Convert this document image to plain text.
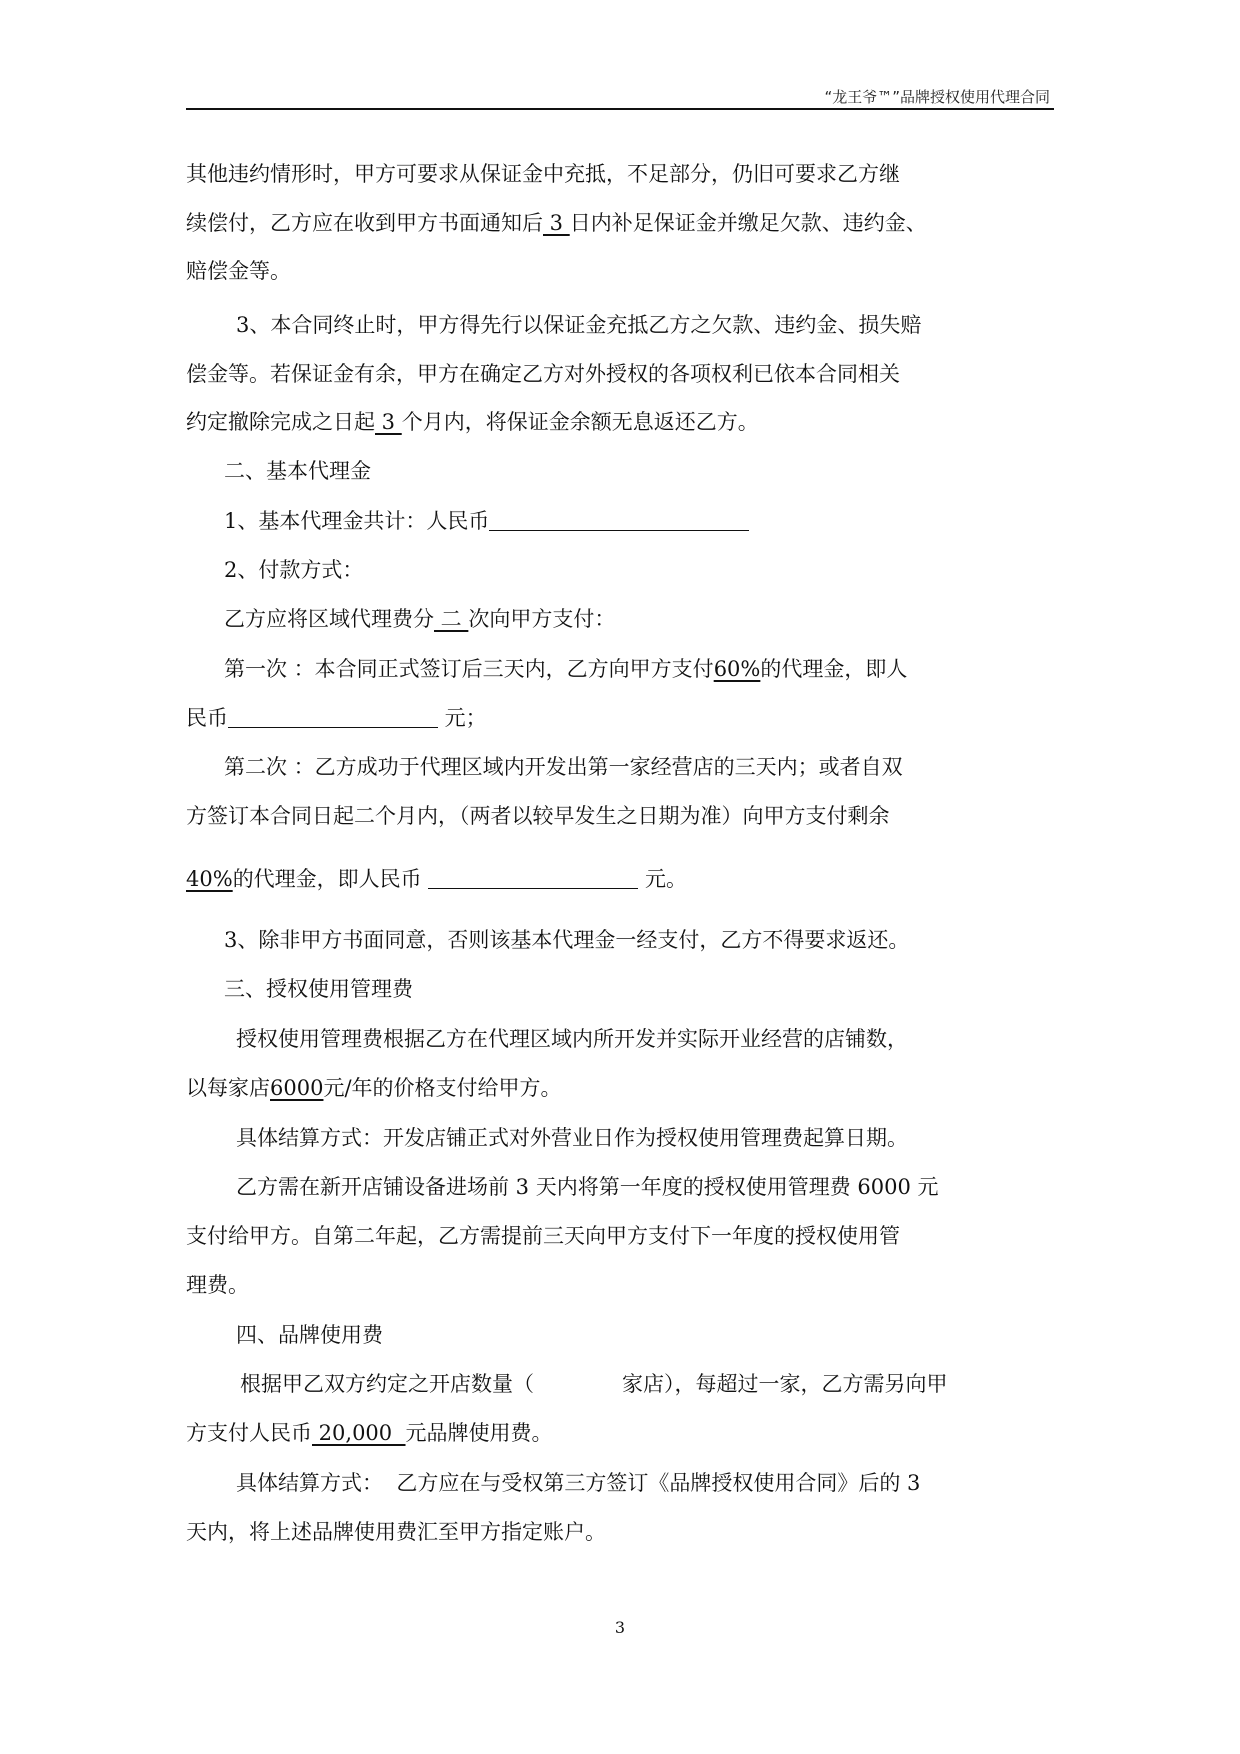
“龙王爷™”品牌授权使用代理合同
其他违约情形时，甲方可要求从保证金中充抵，不足部分，仍旧可要求乙方继
续偿付，乙方应在收到甲方书面通知后 3 日内补足保证金并缴足欠款、违约金、
赔偿金等。
3、本合同终止时，甲方得先行以保证金充抵乙方之欠款、违约金、损失赔
偿金等。若保证金有余，甲方在确定乙方对外授权的各项权利已依本合同相关
约定撤除完成之日起 3 个月内，将保证金余额无息返还乙方。
二、基本代理金
1、基本代理金共计：人民币
2、付款方式：
乙方应将区域代理费分 二 次向甲方支付：
第一次 ：本合同正式签订后三天内，乙方向甲方支付60%的代理金，即人
民币	元；
第二次 ：乙方成功于代理区域内开发出第一家经营店的三天内；或者自双
方签订本合同日起二个月内，（两者以较早发生之日期为准）向甲方支付剩余
40%的代理金，即人民币	元。
3、除非甲方书面同意，否则该基本代理金一经支付，乙方不得要求返还。
三、授权使用管理费
授权使用管理费根据乙方在代理区域内所开发并实际开业经营的店铺数，
以每家店6000元/年的价格支付给甲方。
具体结算方式：开发店铺正式对外营业日作为授权使用管理费起算日期。
乙方需在新开店铺设备进场前 3 天内将第一年度的授权使用管理费 6000 元
支付给甲方。自第二年起，乙方需提前三天向甲方支付下一年度的授权使用管
理费。
四、品牌使用费
根据甲乙双方约定之开店数量（	家店），每超过一家，乙方需另向甲
方支付人民币 20,000  元品牌使用费。
具体结算方式：  乙方应在与受权第三方签订《品牌授权使用合同》后的 3
天内，将上述品牌使用费汇至甲方指定账户。
3
